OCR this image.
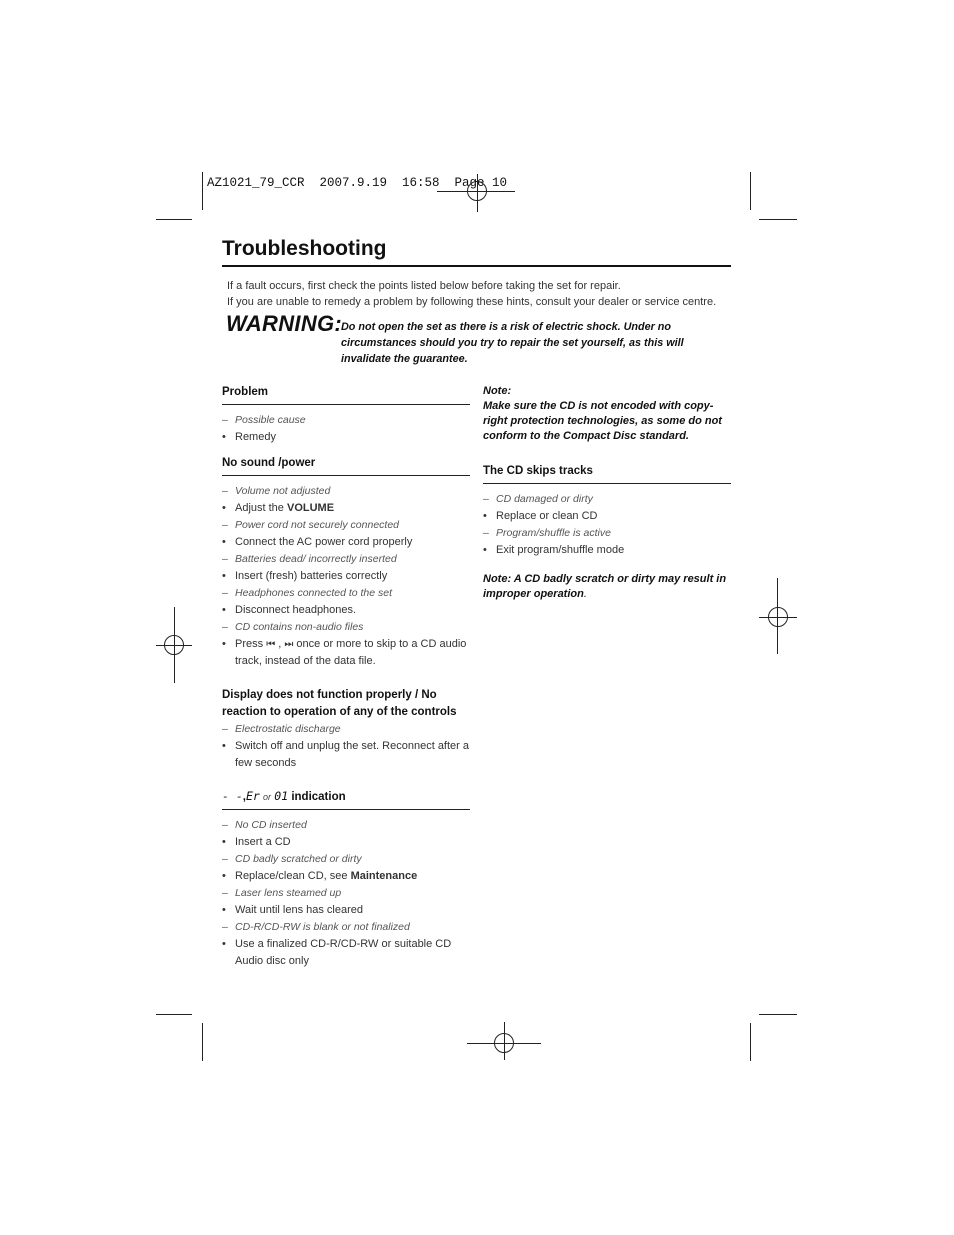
AZ1021_79_CCR  2007.9.19  16:58  Page 10
Troubleshooting
If a fault occurs, first check the points listed below before taking the set for repair.
If you are unable to remedy a problem by following these hints, consult your dealer or service centre.
WARNING:
Do not open the set as there is a risk of electric shock. Under no circumstances should you try to repair the set yourself, as this will invalidate the guarantee.
Problem
– Possible cause
• Remedy
No sound /power
– Volume not adjusted
• Adjust the VOLUME
– Power cord not securely connected
• Connect the AC power cord properly
– Batteries dead/ incorrectly inserted
• Insert (fresh) batteries correctly
– Headphones connected to the set
• Disconnect headphones.
– CD contains non-audio files
• Press ⏮ , ⏭ once or more to skip to a CD audio track, instead of the data file.
Display does not function properly / No reaction to operation of any of the controls
– Electrostatic discharge
• Switch off and unplug the set. Reconnect after a few seconds
- -,Er or 01 indication
– No CD inserted
• Insert a CD
– CD badly scratched or dirty
• Replace/clean CD, see Maintenance
– Laser lens steamed up
• Wait until lens has cleared
– CD-R/CD-RW is blank or not finalized
• Use a finalized CD-R/CD-RW or suitable CD Audio disc only
Note:
Make sure the CD is not encoded with copy-right protection technologies, as some do not conform to the Compact Disc standard.
The CD skips tracks
– CD damaged or dirty
• Replace or clean CD
– Program/shuffle is active
• Exit program/shuffle mode
Note: A CD badly scratch or dirty may result in improper operation.
